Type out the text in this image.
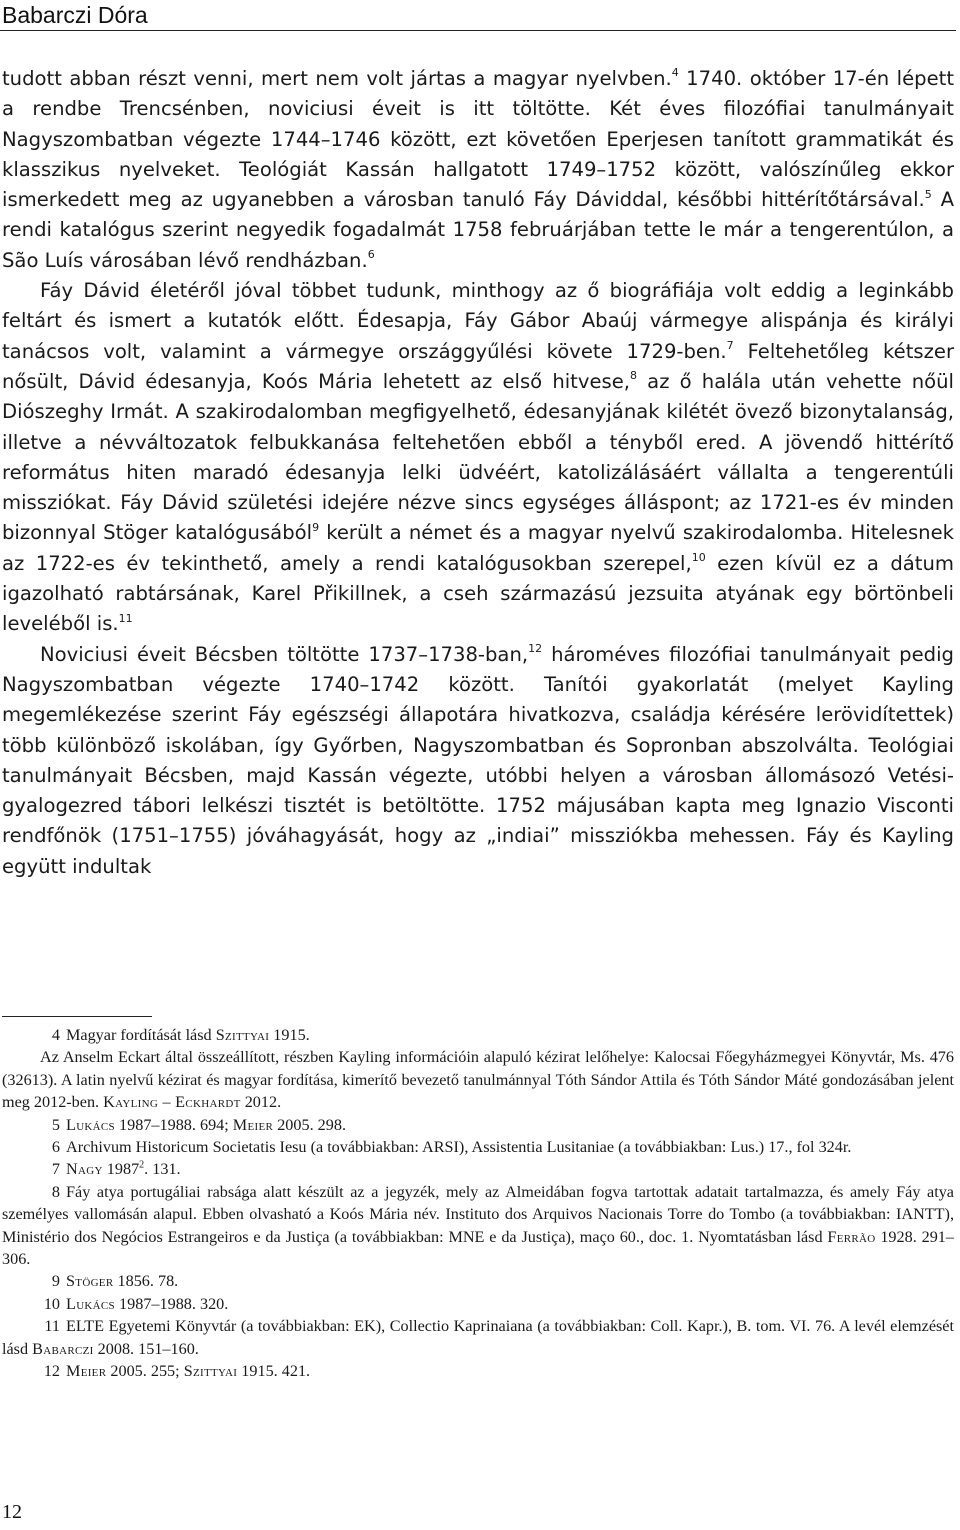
Babarczi Dóra

tudott abban részt venni, mert nem volt jártas a magyar nyelvben.$^4$ 1740. október 17-én lépett a rendbe Trencsénben, noviciusi éveit is itt töltötte. Két éves filozófiai tanulmányait Nagyszombatban végezte 1744–1746 között, ezt követően Eperjesen tanított grammatikát és klasszikus nyelveket. Teológiát Kassán hallgatott 1749–1752 között, valószínűleg ekkor ismerkedett meg az ugyanebben a városban tanuló Fáy Dáviddal, későbbi hittérítőtársával.$^5$ A rendi katalógus szerint negyedik fogadalmát 1758 februárjában tette le már a tengerentúlon, a São Luís városában lévő rendházban.$^6$

Fáy Dávid életéről jóval többet tudunk, minthogy az ő biográfiája volt eddig a leginkább feltárt és ismert a kutatók előtt. Édesapja, Fáy Gábor Abaúj vármegye alispánja és királyi tanácsos volt, valamint a vármegye országgyűlési követe 1729-ben.$^7$ Feltehetőleg kétszer nősült, Dávid édesanyja, Koós Mária lehetett az első hitvese,$^8$ az ő halála után vehette nőül Diószeghy Irmát. A szakirodalomban megfigyelhető, édesanyjának kilétét övező bizonytalanság, illetve a névváltozatok felbukkanása feltehetően ebből a tényből ered. A jövendő hittérítő református hiten maradó édesanyja lelki üdvéért, katolizálásáért vállalta a tengerentúli missziókat. Fáy Dávid születési idejére nézve sincs egységes álláspont; az 1721-es év minden bizonnyal Stöger katalógusából$^9$ került a német és a magyar nyelvű szakirodalomba. Hitelesnek az 1722-es év tekinthető, amely a rendi katalógusokban szerepel,$^{10}$ ezen kívül ez a dátum igazolható rabtársának, Karel Přikillnek, a cseh származású jezsuita atyának egy börtönbeli leveléből is.$^{11}$

Noviciusi éveit Bécsben töltötte 1737–1738-ban,$^{12}$ hároméves filozófiai tanulmányait pedig Nagyszombatban végezte 1740–1742 között. Tanítói gyakorlatát (melyet Kayling megemlékezése szerint Fáy egészségi állapotára hivatkozva, családja kérésére lerövidítettek) több különböző iskolában, így Győrben, Nagyszombatban és Sopronban abszolválta. Teológiai tanulmányait Bécsben, majd Kassán végezte, utóbbi helyen a városban állomásozó Vetési-gyalogezred tábori lelkészi tisztét is betöltötte. 1752 májusában kapta meg Ignazio Visconti rendfőnök (1751–1755) jóváhagyását, hogy az „indiai” missziókba mehessen. Fáy és Kayling együtt indultak

4 Magyar fordítását lásd Szittyai 1915.

Az Anselm Eckart által összeállított, részben Kayling információin alapuló kézirat lelőhelye: Kalocsai Főegyházmegyei Könyvtár, Ms. 476 (32613). A latin nyelvű kézirat és magyar fordítása, kimerítő bevezető tanulmánnyal Tóth Sándor Attila és Tóth Sándor Máté gondozásában jelent meg 2012-ben. Kayling – Eckhardt 2012.

5 Lukács 1987–1988. 694; Meier 2005. 298.

6 Archivum Historicum Societatis Iesu (a továbbiakban: ARSI), Assistentia Lusitaniae (a továbbiakban: Lus.) 17., fol 324r.

7 Nagy 1987$^2$. 131.

8 Fáy atya portugáliai rabsága alatt készült az a jegyzék, mely az Almeidában fogva tartottak adatait tartalmazza, és amely Fáy atya személyes vallomásán alapul. Ebben olvasható a Koós Mária név. Instituto dos Arquivos Nacionais Torre do Tombo (a továbbiakban: IANTT), Ministério dos Negócios Estrangeiros e da Justiça (a továbbiakban: MNE e da Justiça), maço 60., doc. 1. Nyomtatásban lásd Ferrão 1928. 291–306.

9 Stöger 1856. 78.

10 Lukács 1987–1988. 320.

11 ELTE Egyetemi Könyvtár (a továbbiakban: EK), Collectio Kaprinaiana (a továbbiakban: Coll. Kapr.), B. tom. VI. 76. A levél elemzését lásd Babarczi 2008. 151–160.

12 Meier 2005. 255; Szittyai 1915. 421.

12
